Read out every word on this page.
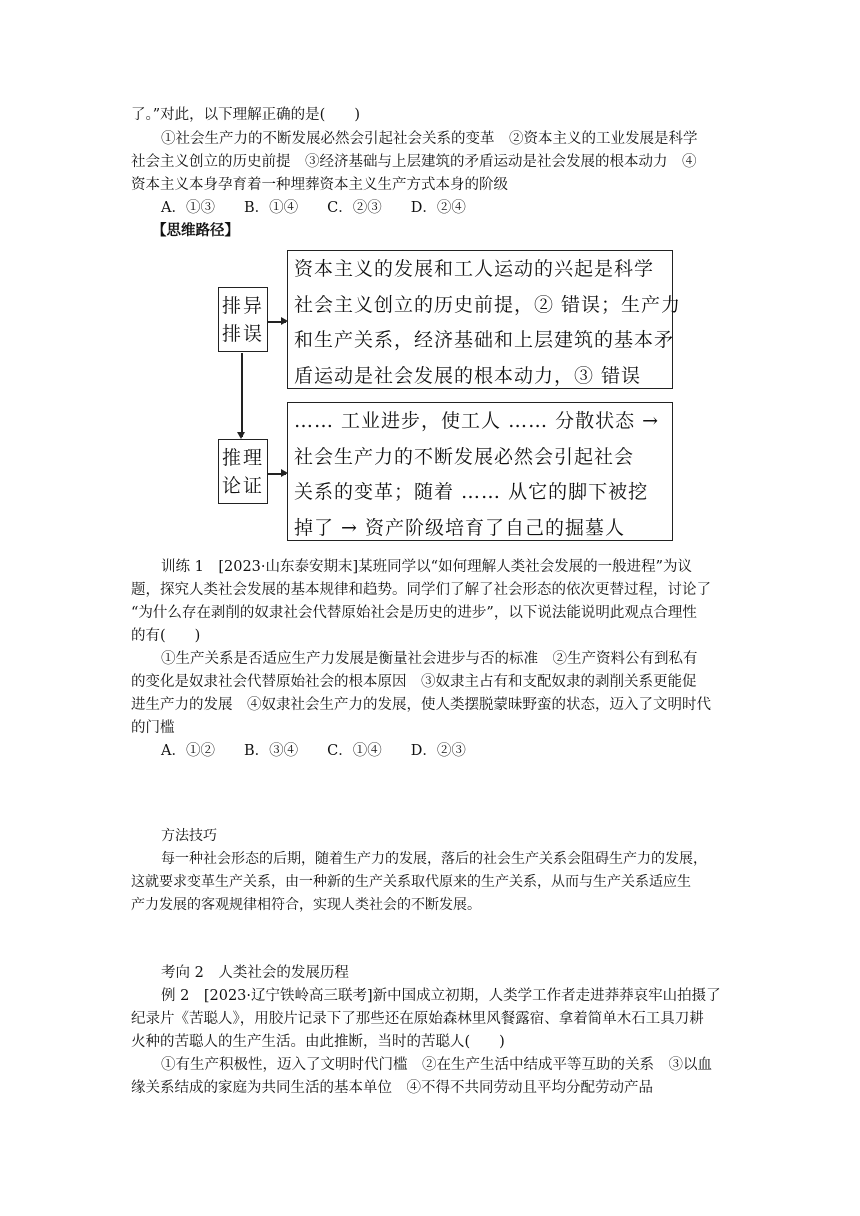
了。”对此，以下理解正确的是(　　)
①社会生产力的不断发展必然会引起社会关系的变革　②资本主义的工业发展是科学
社会主义创立的历史前提　③经济基础与上层建筑的矛盾运动是社会发展的根本动力　④
资本主义本身孕育着一种埋葬资本主义生产方式本身的阶级
A．①③　　B．①④　　C．②③　　D．②④
【思维路径】
排异
排误
资本主义的发展和工人运动的兴起是科学
社会主义创立的历史前提，② 错误；生产力
和生产关系，经济基础和上层建筑的基本矛
盾运动是社会发展的根本动力，③ 错误
推理
论证
…… 工业进步，使工人 …… 分散状态 →
社会生产力的不断发展必然会引起社会
关系的变革；随着 …… 从它的脚下被挖
掉了 → 资产阶级培育了自己的掘墓人
训练 1　[2023·山东泰安期末]某班同学以“如何理解人类社会发展的一般进程”为议
题，探究人类社会发展的基本规律和趋势。同学们了解了社会形态的依次更替过程，讨论了
“为什么存在剥削的奴隶社会代替原始社会是历史的进步”，以下说法能说明此观点合理性
的有(　　)
①生产关系是否适应生产力发展是衡量社会进步与否的标准　②生产资料公有到私有
的变化是奴隶社会代替原始社会的根本原因　③奴隶主占有和支配奴隶的剥削关系更能促
进生产力的发展　④奴隶社会生产力的发展，使人类摆脱蒙昧野蛮的状态，迈入了文明时代
的门槛
A．①②　　B．③④　　C．①④　　D．②③
方法技巧
每一种社会形态的后期，随着生产力的发展，落后的社会生产关系会阻碍生产力的发展，
这就要求变革生产关系，由一种新的生产关系取代原来的生产关系，从而与生产关系适应生
产力发展的客观规律相符合，实现人类社会的不断发展。
考向 2　人类社会的发展历程
例 2　[2023·辽宁铁岭高三联考]新中国成立初期，人类学工作者走进莽莽哀牢山拍摄了
纪录片《苦聪人》，用胶片记录下了那些还在原始森林里风餐露宿、拿着简单木石工具刀耕
火种的苦聪人的生产生活。由此推断，当时的苦聪人(　　)
①有生产积极性，迈入了文明时代门槛　②在生产生活中结成平等互助的关系　③以血
缘关系结成的家庭为共同生活的基本单位　④不得不共同劳动且平均分配劳动产品
